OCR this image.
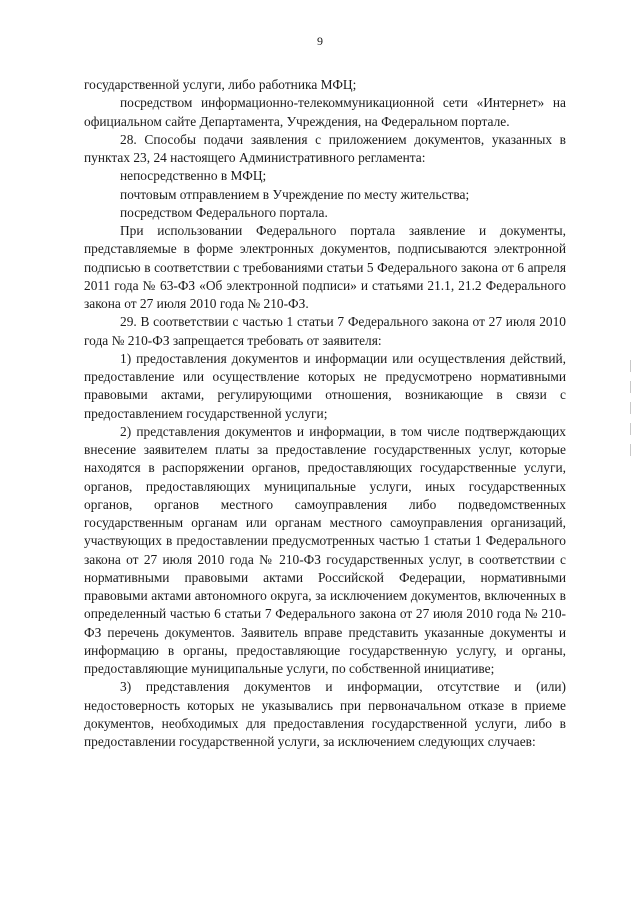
9

государственной услуги, либо работника МФЦ;

посредством информационно-телекоммуникационной сети «Интернет» на официальном сайте Департамента, Учреждения, на Федеральном портале.

28. Способы подачи заявления с приложением документов, указанных в пунктах 23, 24 настоящего Административного регламента:

непосредственно в МФЦ;

почтовым отправлением в Учреждение по месту жительства;

посредством Федерального портала.

При использовании Федерального портала заявление и документы, представляемые в форме электронных документов, подписываются электронной подписью в соответствии с требованиями статьи 5 Федерального закона от 6 апреля 2011 года № 63-ФЗ «Об электронной подписи» и статьями 21.1, 21.2 Федерального закона от 27 июля 2010 года № 210-ФЗ.

29. В соответствии с частью 1 статьи 7 Федерального закона от 27 июля 2010 года № 210-ФЗ запрещается требовать от заявителя:

1) предоставления документов и информации или осуществления действий, предоставление или осуществление которых не предусмотрено нормативными правовыми актами, регулирующими отношения, возникающие в связи с предоставлением государственной услуги;

2) представления документов и информации, в том числе подтверждающих внесение заявителем платы за предоставление государственных услуг, которые находятся в распоряжении органов, предоставляющих государственные услуги, органов, предоставляющих муниципальные услуги, иных государственных органов, органов местного самоуправления либо подведомственных государственным органам или органам местного самоуправления организаций, участвующих в предоставлении предусмотренных частью 1 статьи 1 Федерального закона от 27 июля 2010 года № 210-ФЗ государственных услуг, в соответствии с нормативными правовыми актами Российской Федерации, нормативными правовыми актами автономного округа, за исключением документов, включенных в определенный частью 6 статьи 7 Федерального закона от 27 июля 2010 года № 210-ФЗ перечень документов. Заявитель вправе представить указанные документы и информацию в органы, предоставляющие государственную услугу, и органы, предоставляющие муниципальные услуги, по собственной инициативе;

3) представления документов и информации, отсутствие и (или) недостоверность которых не указывались при первоначальном отказе в приеме документов, необходимых для предоставления государственной услуги, либо в предоставлении государственной услуги, за исключением следующих случаев:
